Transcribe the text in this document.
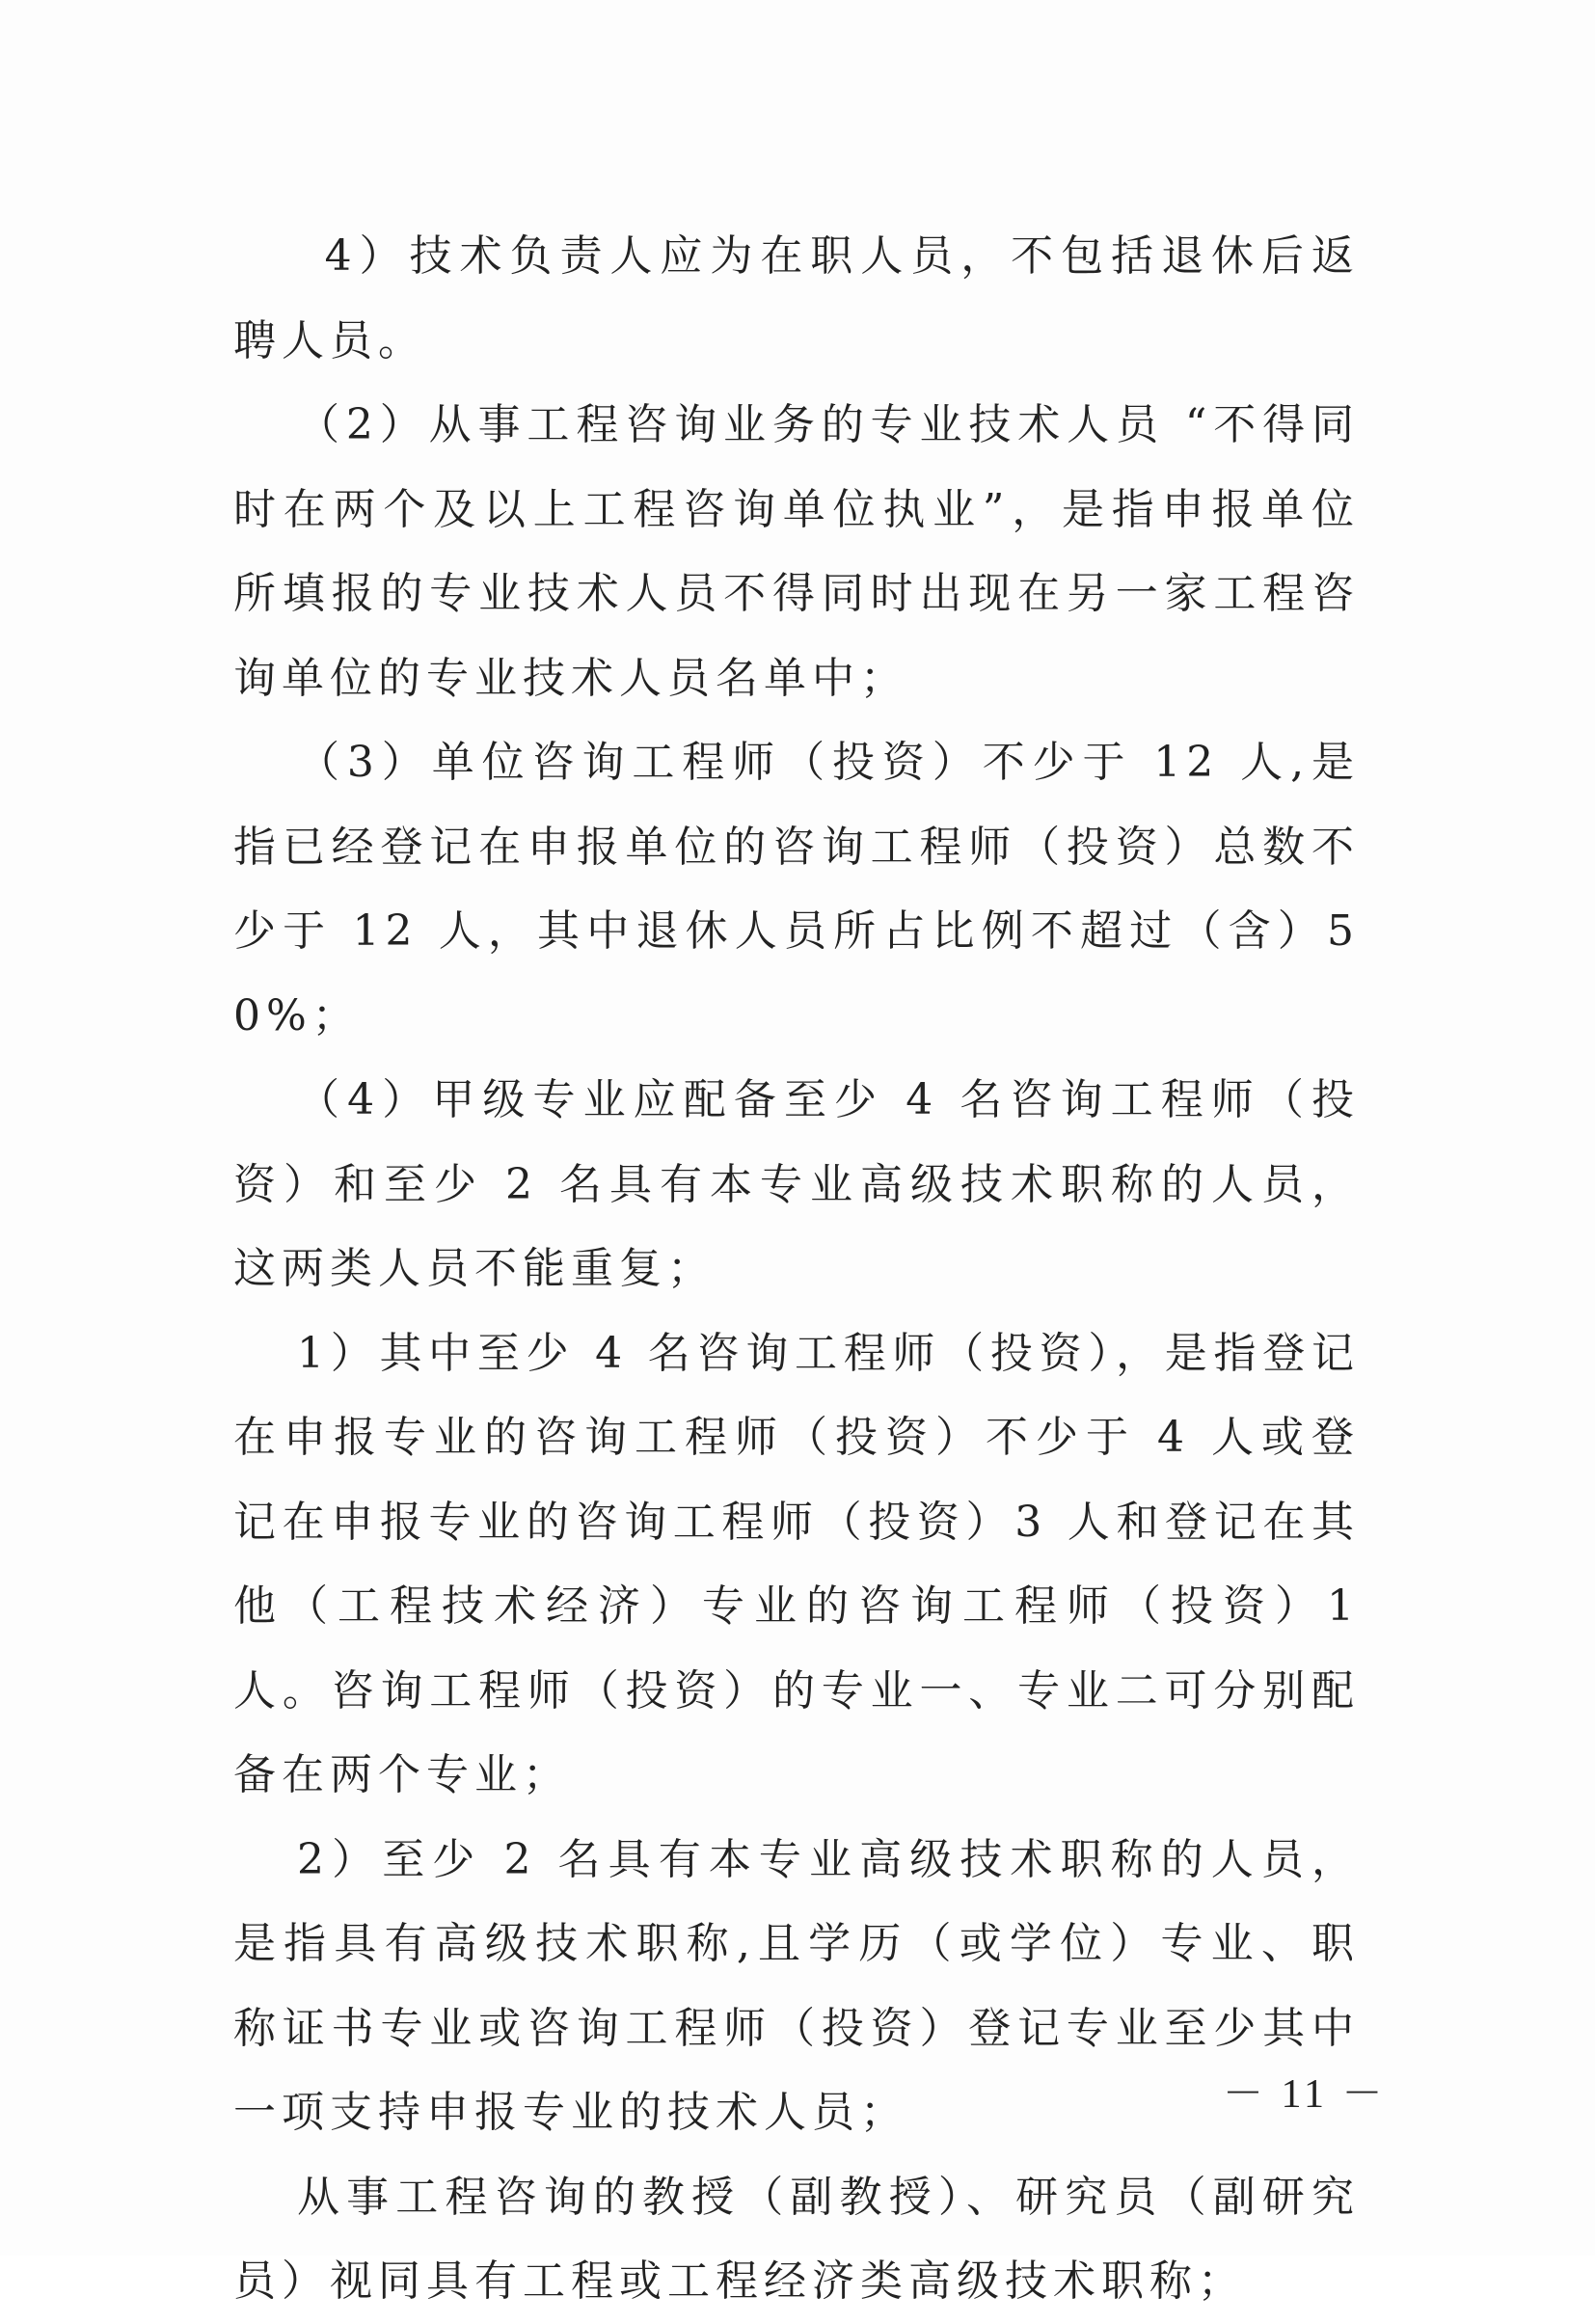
4）技术负责人应为在职人员，不包括退休后返聘人员。

（2）从事工程咨询业务的专业技术人员 “不得同时在两个及以上工程咨询单位执业”，是指申报单位所填报的专业技术人员不得同时出现在另一家工程咨询单位的专业技术人员名单中；

（3）单位咨询工程师（投资）不少于 12 人,是指已经登记在申报单位的咨询工程师（投资）总数不少于 12 人，其中退休人员所占比例不超过（含）50%；

（4）甲级专业应配备至少 4 名咨询工程师（投资）和至少 2 名具有本专业高级技术职称的人员，这两类人员不能重复；

1）其中至少 4 名咨询工程师（投资），是指登记在申报专业的咨询工程师（投资）不少于 4 人或登记在申报专业的咨询工程师（投资）3 人和登记在其他（工程技术经济）专业的咨询工程师（投资）1 人。咨询工程师（投资）的专业一、专业二可分别配备在两个专业；

2）至少 2 名具有本专业高级技术职称的人员，是指具有高级技术职称,且学历（或学位）专业、职称证书专业或咨询工程师（投资）登记专业至少其中一项支持申报专业的技术人员；

从事工程咨询的教授（副教授）、研究员（副研究员）视同具有工程或工程经济类高级技术职称；

－ 11 －
